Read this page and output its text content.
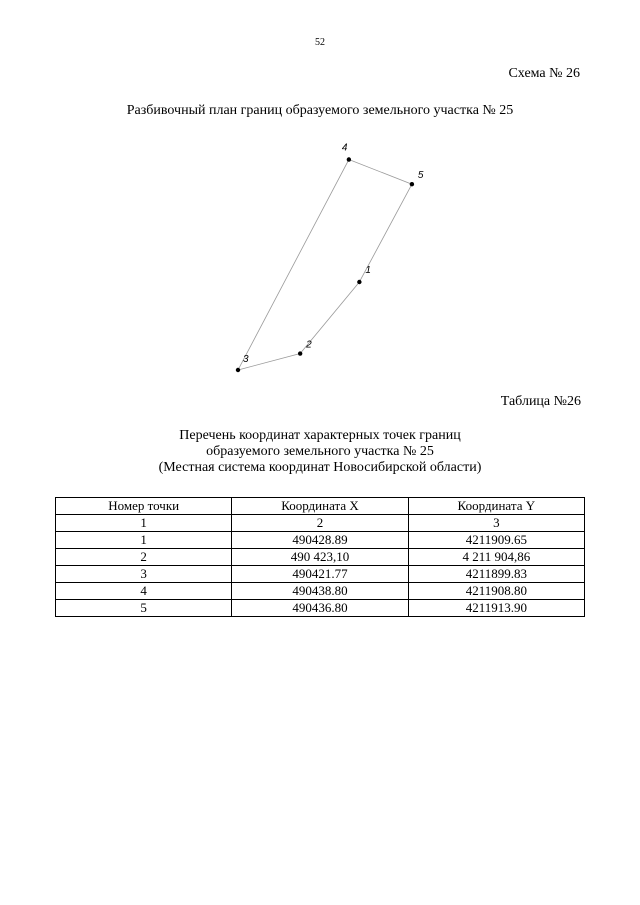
52
Схема № 26
Разбивочный план границ образуемого земельного участка № 25
1
2
3
4
5
Таблица №26
Перечень координат характерных точек границ
образуемого земельного участка № 25
(Местная система координат Новосибирской области)
Номер точки	Координата X	Координата Y
1	2	3
1	490428.89	4211909.65
2	490 423,10	4 211 904,86
3	490421.77	4211899.83
4	490438.80	4211908.80
5	490436.80	4211913.90
